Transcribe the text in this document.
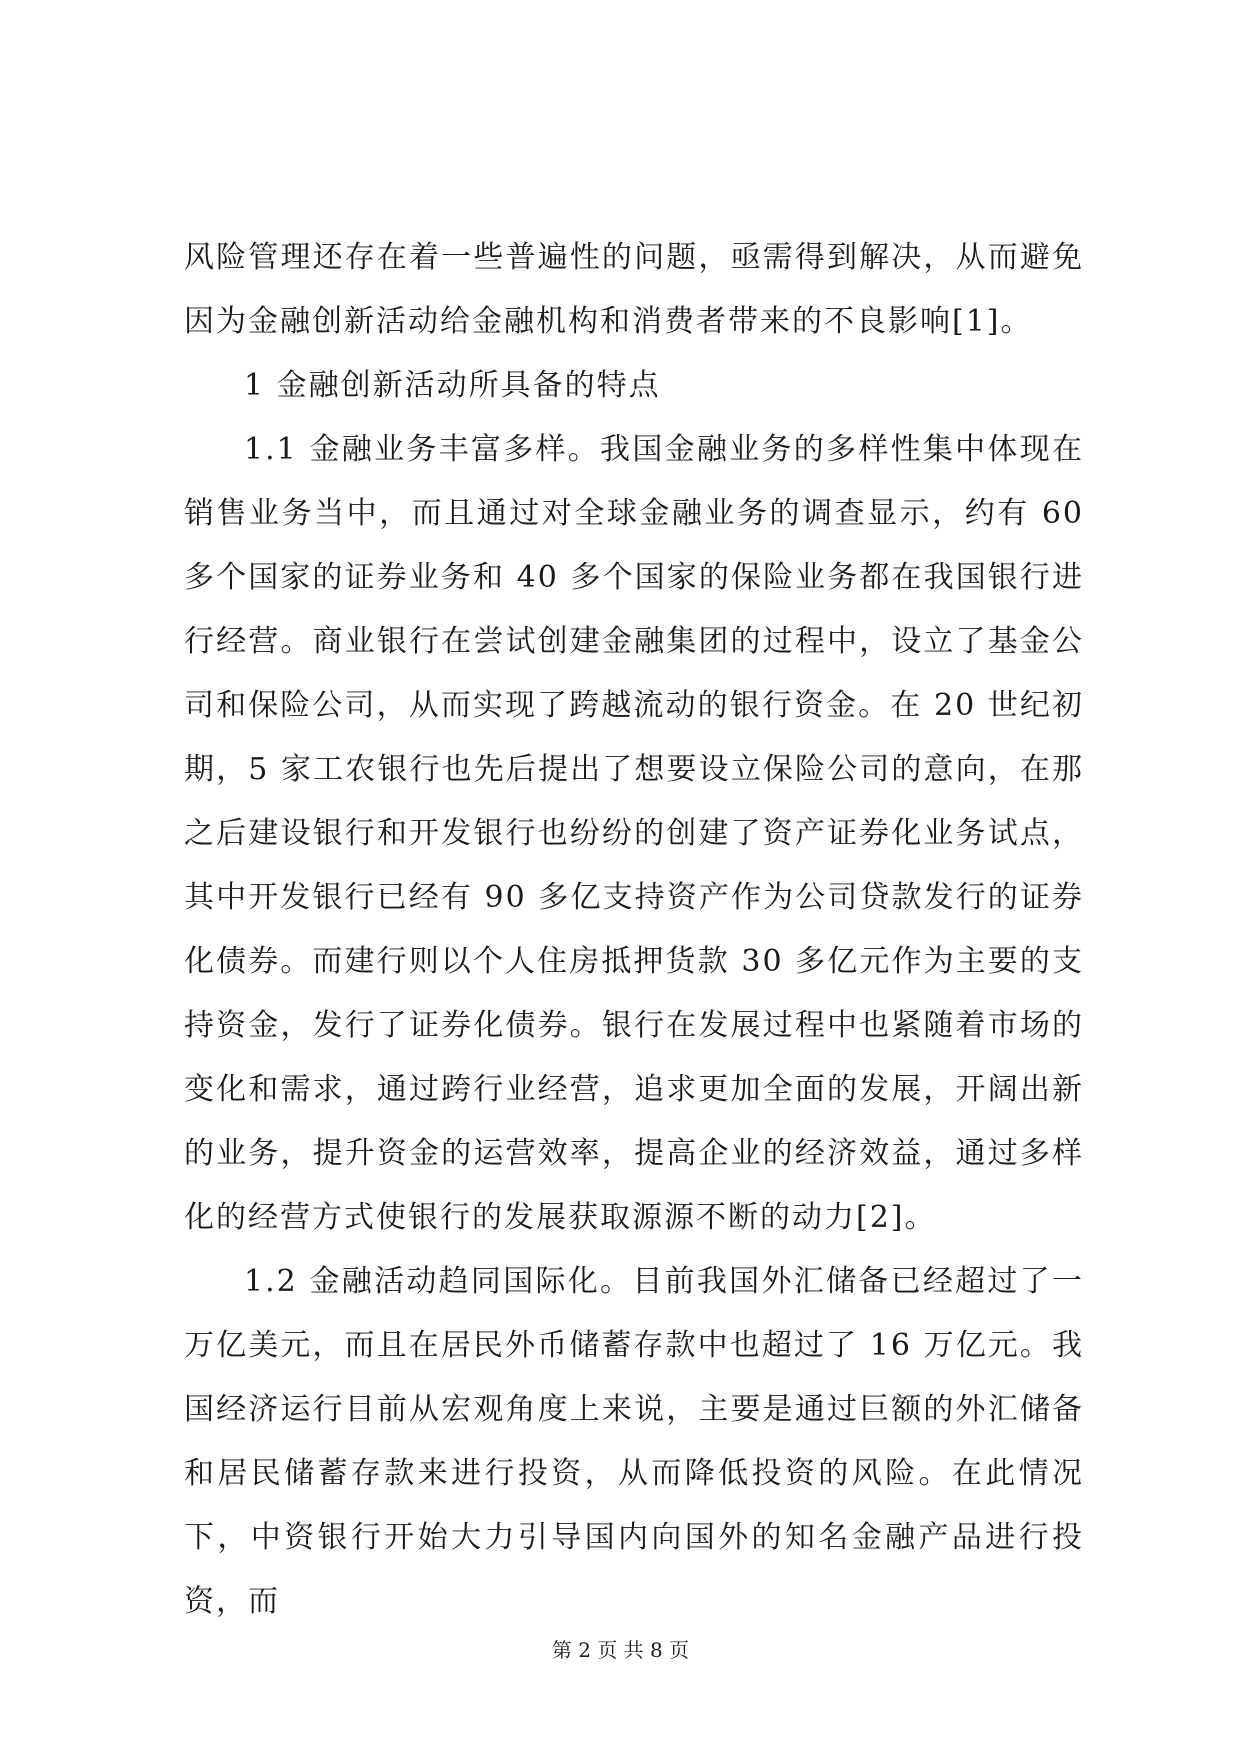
风险管理还存在着一些普遍性的问题，亟需得到解决，从而避免因为金融创新活动给金融机构和消费者带来的不良影响[1]。

1 金融创新活动所具备的特点

1.1 金融业务丰富多样。我国金融业务的多样性集中体现在销售业务当中，而且通过对全球金融业务的调查显示，约有 60 多个国家的证券业务和 40 多个国家的保险业务都在我国银行进行经营。商业银行在尝试创建金融集团的过程中，设立了基金公司和保险公司，从而实现了跨越流动的银行资金。在 20 世纪初期，5 家工农银行也先后提出了想要设立保险公司的意向，在那之后建设银行和开发银行也纷纷的创建了资产证券化业务试点，其中开发银行已经有 90 多亿支持资产作为公司贷款发行的证券化债券。而建行则以个人住房抵押货款 30 多亿元作为主要的支持资金，发行了证券化债券。银行在发展过程中也紧随着市场的变化和需求，通过跨行业经营，追求更加全面的发展，开阔出新的业务，提升资金的运营效率，提高企业的经济效益，通过多样化的经营方式使银行的发展获取源源不断的动力[2]。

1.2 金融活动趋同国际化。目前我国外汇储备已经超过了一万亿美元，而且在居民外币储蓄存款中也超过了 16 万亿元。我国经济运行目前从宏观角度上来说，主要是通过巨额的外汇储备和居民储蓄存款来进行投资，从而降低投资的风险。在此情况下，中资银行开始大力引导国内向国外的知名金融产品进行投资，而

第 2 页 共 8 页
